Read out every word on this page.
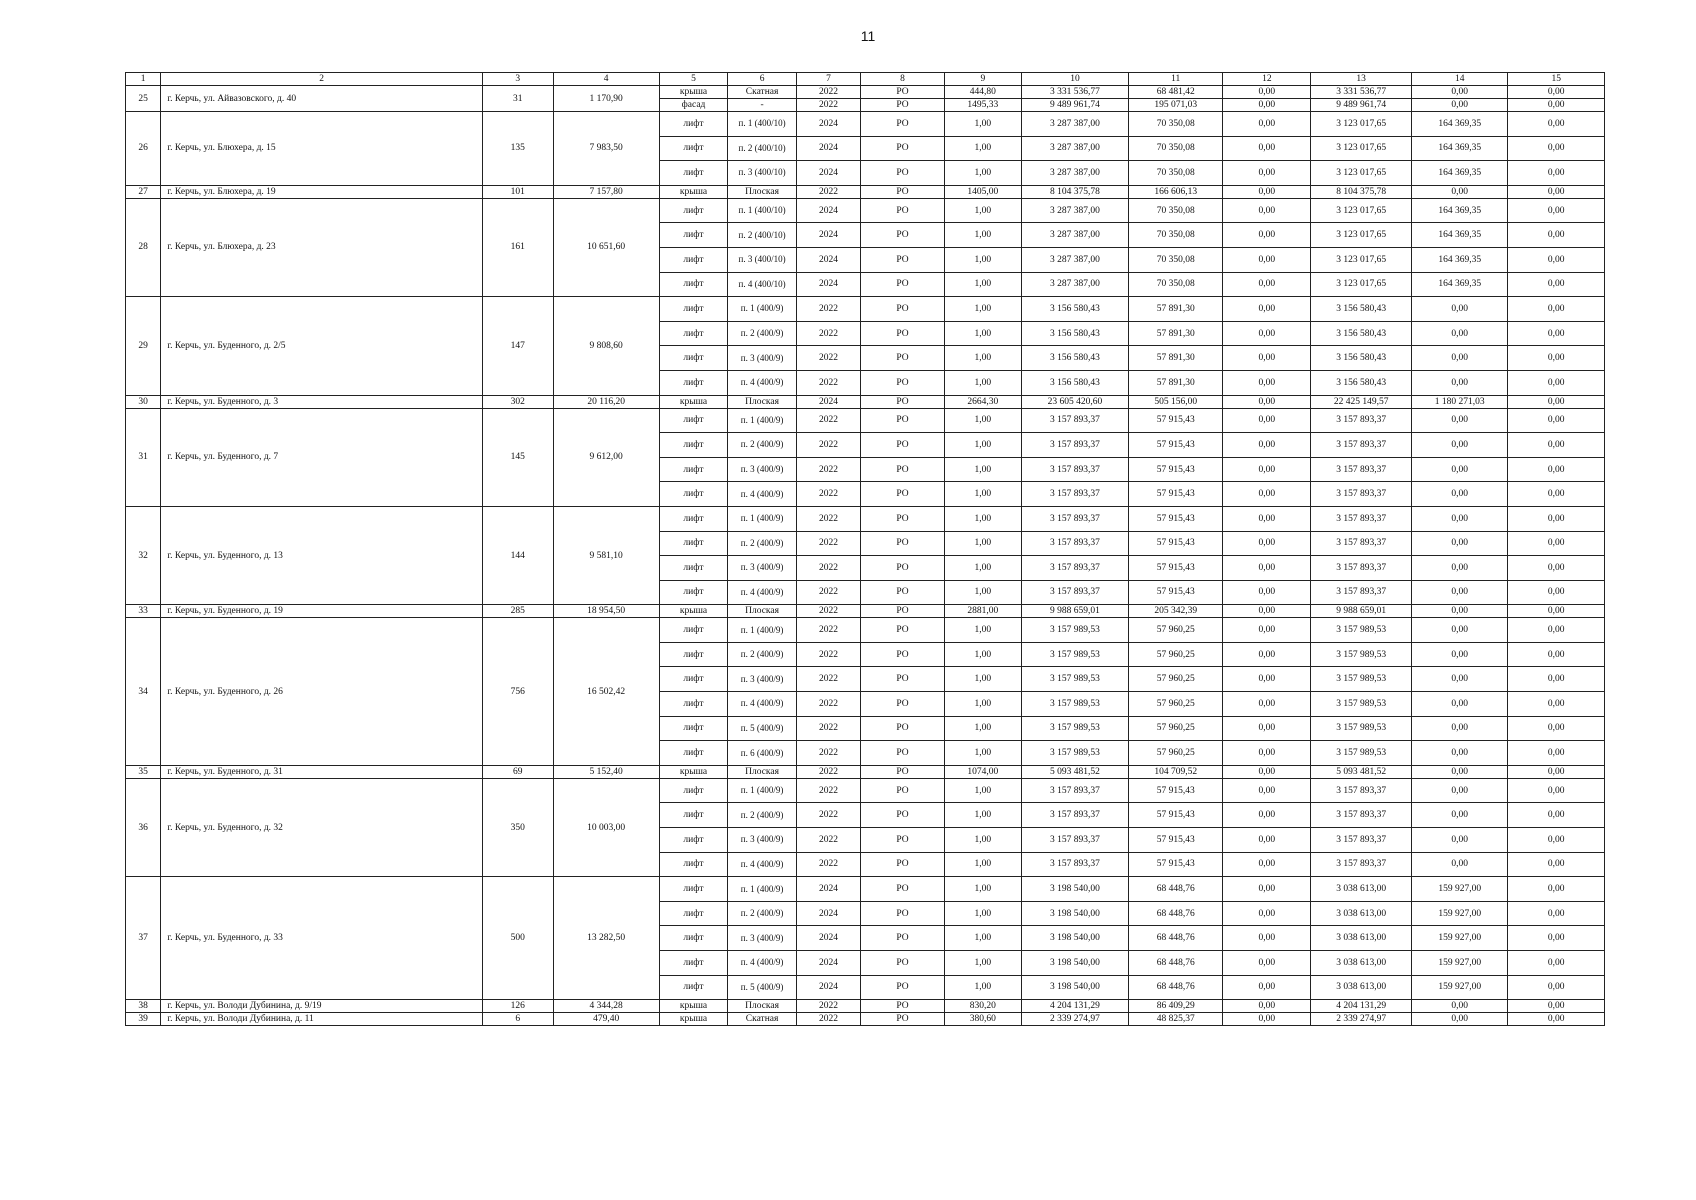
11
1	2	3	4	5	6	7	8	9	10	11	12	13	14	15
25	г. Керчь, ул. Айвазовского, д. 40	31	1 170,90	крыша	Скатная	2022	РО	444,80	3 331 536,77	68 481,42	0,00	3 331 536,77	0,00	0,00
				фасад	-	2022	РО	1495,33	9 489 961,74	195 071,03	0,00	9 489 961,74	0,00	0,00
26	г. Керчь, ул. Блюхера, д. 15	135	7 983,50	лифт	п. 1 (400/10)	2024	РО	1,00	3 287 387,00	70 350,08	0,00	3 123 017,65	164 369,35	0,00
				лифт	п. 2 (400/10)	2024	РО	1,00	3 287 387,00	70 350,08	0,00	3 123 017,65	164 369,35	0,00
				лифт	п. 3 (400/10)	2024	РО	1,00	3 287 387,00	70 350,08	0,00	3 123 017,65	164 369,35	0,00
27	г. Керчь, ул. Блюхера, д. 19	101	7 157,80	крыша	Плоская	2022	РО	1405,00	8 104 375,78	166 606,13	0,00	8 104 375,78	0,00	0,00
28	г. Керчь, ул. Блюхера, д. 23	161	10 651,60	лифт	п. 1 (400/10)	2024	РО	1,00	3 287 387,00	70 350,08	0,00	3 123 017,65	164 369,35	0,00
				лифт	п. 2 (400/10)	2024	РО	1,00	3 287 387,00	70 350,08	0,00	3 123 017,65	164 369,35	0,00
				лифт	п. 3 (400/10)	2024	РО	1,00	3 287 387,00	70 350,08	0,00	3 123 017,65	164 369,35	0,00
				лифт	п. 4 (400/10)	2024	РО	1,00	3 287 387,00	70 350,08	0,00	3 123 017,65	164 369,35	0,00
29	г. Керчь, ул. Буденного, д. 2/5	147	9 808,60	лифт	п. 1 (400/9)	2022	РО	1,00	3 156 580,43	57 891,30	0,00	3 156 580,43	0,00	0,00
				лифт	п. 2 (400/9)	2022	РО	1,00	3 156 580,43	57 891,30	0,00	3 156 580,43	0,00	0,00
				лифт	п. 3 (400/9)	2022	РО	1,00	3 156 580,43	57 891,30	0,00	3 156 580,43	0,00	0,00
				лифт	п. 4 (400/9)	2022	РО	1,00	3 156 580,43	57 891,30	0,00	3 156 580,43	0,00	0,00
30	г. Керчь, ул. Буденного, д. 3	302	20 116,20	крыша	Плоская	2024	РО	2664,30	23 605 420,60	505 156,00	0,00	22 425 149,57	1 180 271,03	0,00
31	г. Керчь, ул. Буденного, д. 7	145	9 612,00	лифт	п. 1 (400/9)	2022	РО	1,00	3 157 893,37	57 915,43	0,00	3 157 893,37	0,00	0,00
				лифт	п. 2 (400/9)	2022	РО	1,00	3 157 893,37	57 915,43	0,00	3 157 893,37	0,00	0,00
				лифт	п. 3 (400/9)	2022	РО	1,00	3 157 893,37	57 915,43	0,00	3 157 893,37	0,00	0,00
				лифт	п. 4 (400/9)	2022	РО	1,00	3 157 893,37	57 915,43	0,00	3 157 893,37	0,00	0,00
32	г. Керчь, ул. Буденного, д. 13	144	9 581,10	лифт	п. 1 (400/9)	2022	РО	1,00	3 157 893,37	57 915,43	0,00	3 157 893,37	0,00	0,00
				лифт	п. 2 (400/9)	2022	РО	1,00	3 157 893,37	57 915,43	0,00	3 157 893,37	0,00	0,00
				лифт	п. 3 (400/9)	2022	РО	1,00	3 157 893,37	57 915,43	0,00	3 157 893,37	0,00	0,00
				лифт	п. 4 (400/9)	2022	РО	1,00	3 157 893,37	57 915,43	0,00	3 157 893,37	0,00	0,00
33	г. Керчь, ул. Буденного, д. 19	285	18 954,50	крыша	Плоская	2022	РО	2881,00	9 988 659,01	205 342,39	0,00	9 988 659,01	0,00	0,00
34	г. Керчь, ул. Буденного, д. 26	756	16 502,42	лифт	п. 1 (400/9)	2022	РО	1,00	3 157 989,53	57 960,25	0,00	3 157 989,53	0,00	0,00
				лифт	п. 2 (400/9)	2022	РО	1,00	3 157 989,53	57 960,25	0,00	3 157 989,53	0,00	0,00
				лифт	п. 3 (400/9)	2022	РО	1,00	3 157 989,53	57 960,25	0,00	3 157 989,53	0,00	0,00
				лифт	п. 4 (400/9)	2022	РО	1,00	3 157 989,53	57 960,25	0,00	3 157 989,53	0,00	0,00
				лифт	п. 5 (400/9)	2022	РО	1,00	3 157 989,53	57 960,25	0,00	3 157 989,53	0,00	0,00
				лифт	п. 6 (400/9)	2022	РО	1,00	3 157 989,53	57 960,25	0,00	3 157 989,53	0,00	0,00
35	г. Керчь, ул. Буденного, д. 31	69	5 152,40	крыша	Плоская	2022	РО	1074,00	5 093 481,52	104 709,52	0,00	5 093 481,52	0,00	0,00
36	г. Керчь, ул. Буденного, д. 32	350	10 003,00	лифт	п. 1 (400/9)	2022	РО	1,00	3 157 893,37	57 915,43	0,00	3 157 893,37	0,00	0,00
				лифт	п. 2 (400/9)	2022	РО	1,00	3 157 893,37	57 915,43	0,00	3 157 893,37	0,00	0,00
				лифт	п. 3 (400/9)	2022	РО	1,00	3 157 893,37	57 915,43	0,00	3 157 893,37	0,00	0,00
				лифт	п. 4 (400/9)	2022	РО	1,00	3 157 893,37	57 915,43	0,00	3 157 893,37	0,00	0,00
37	г. Керчь, ул. Буденного, д. 33	500	13 282,50	лифт	п. 1 (400/9)	2024	РО	1,00	3 198 540,00	68 448,76	0,00	3 038 613,00	159 927,00	0,00
				лифт	п. 2 (400/9)	2024	РО	1,00	3 198 540,00	68 448,76	0,00	3 038 613,00	159 927,00	0,00
				лифт	п. 3 (400/9)	2024	РО	1,00	3 198 540,00	68 448,76	0,00	3 038 613,00	159 927,00	0,00
				лифт	п. 4 (400/9)	2024	РО	1,00	3 198 540,00	68 448,76	0,00	3 038 613,00	159 927,00	0,00
				лифт	п. 5 (400/9)	2024	РО	1,00	3 198 540,00	68 448,76	0,00	3 038 613,00	159 927,00	0,00
38	г. Керчь, ул. Володи Дубинина, д. 9/19	126	4 344,28	крыша	Плоская	2022	РО	830,20	4 204 131,29	86 409,29	0,00	4 204 131,29	0,00	0,00
39	г. Керчь, ул. Володи Дубинина, д. 11	6	479,40	крыша	Скатная	2022	РО	380,60	2 339 274,97	48 825,37	0,00	2 339 274,97	0,00	0,00
